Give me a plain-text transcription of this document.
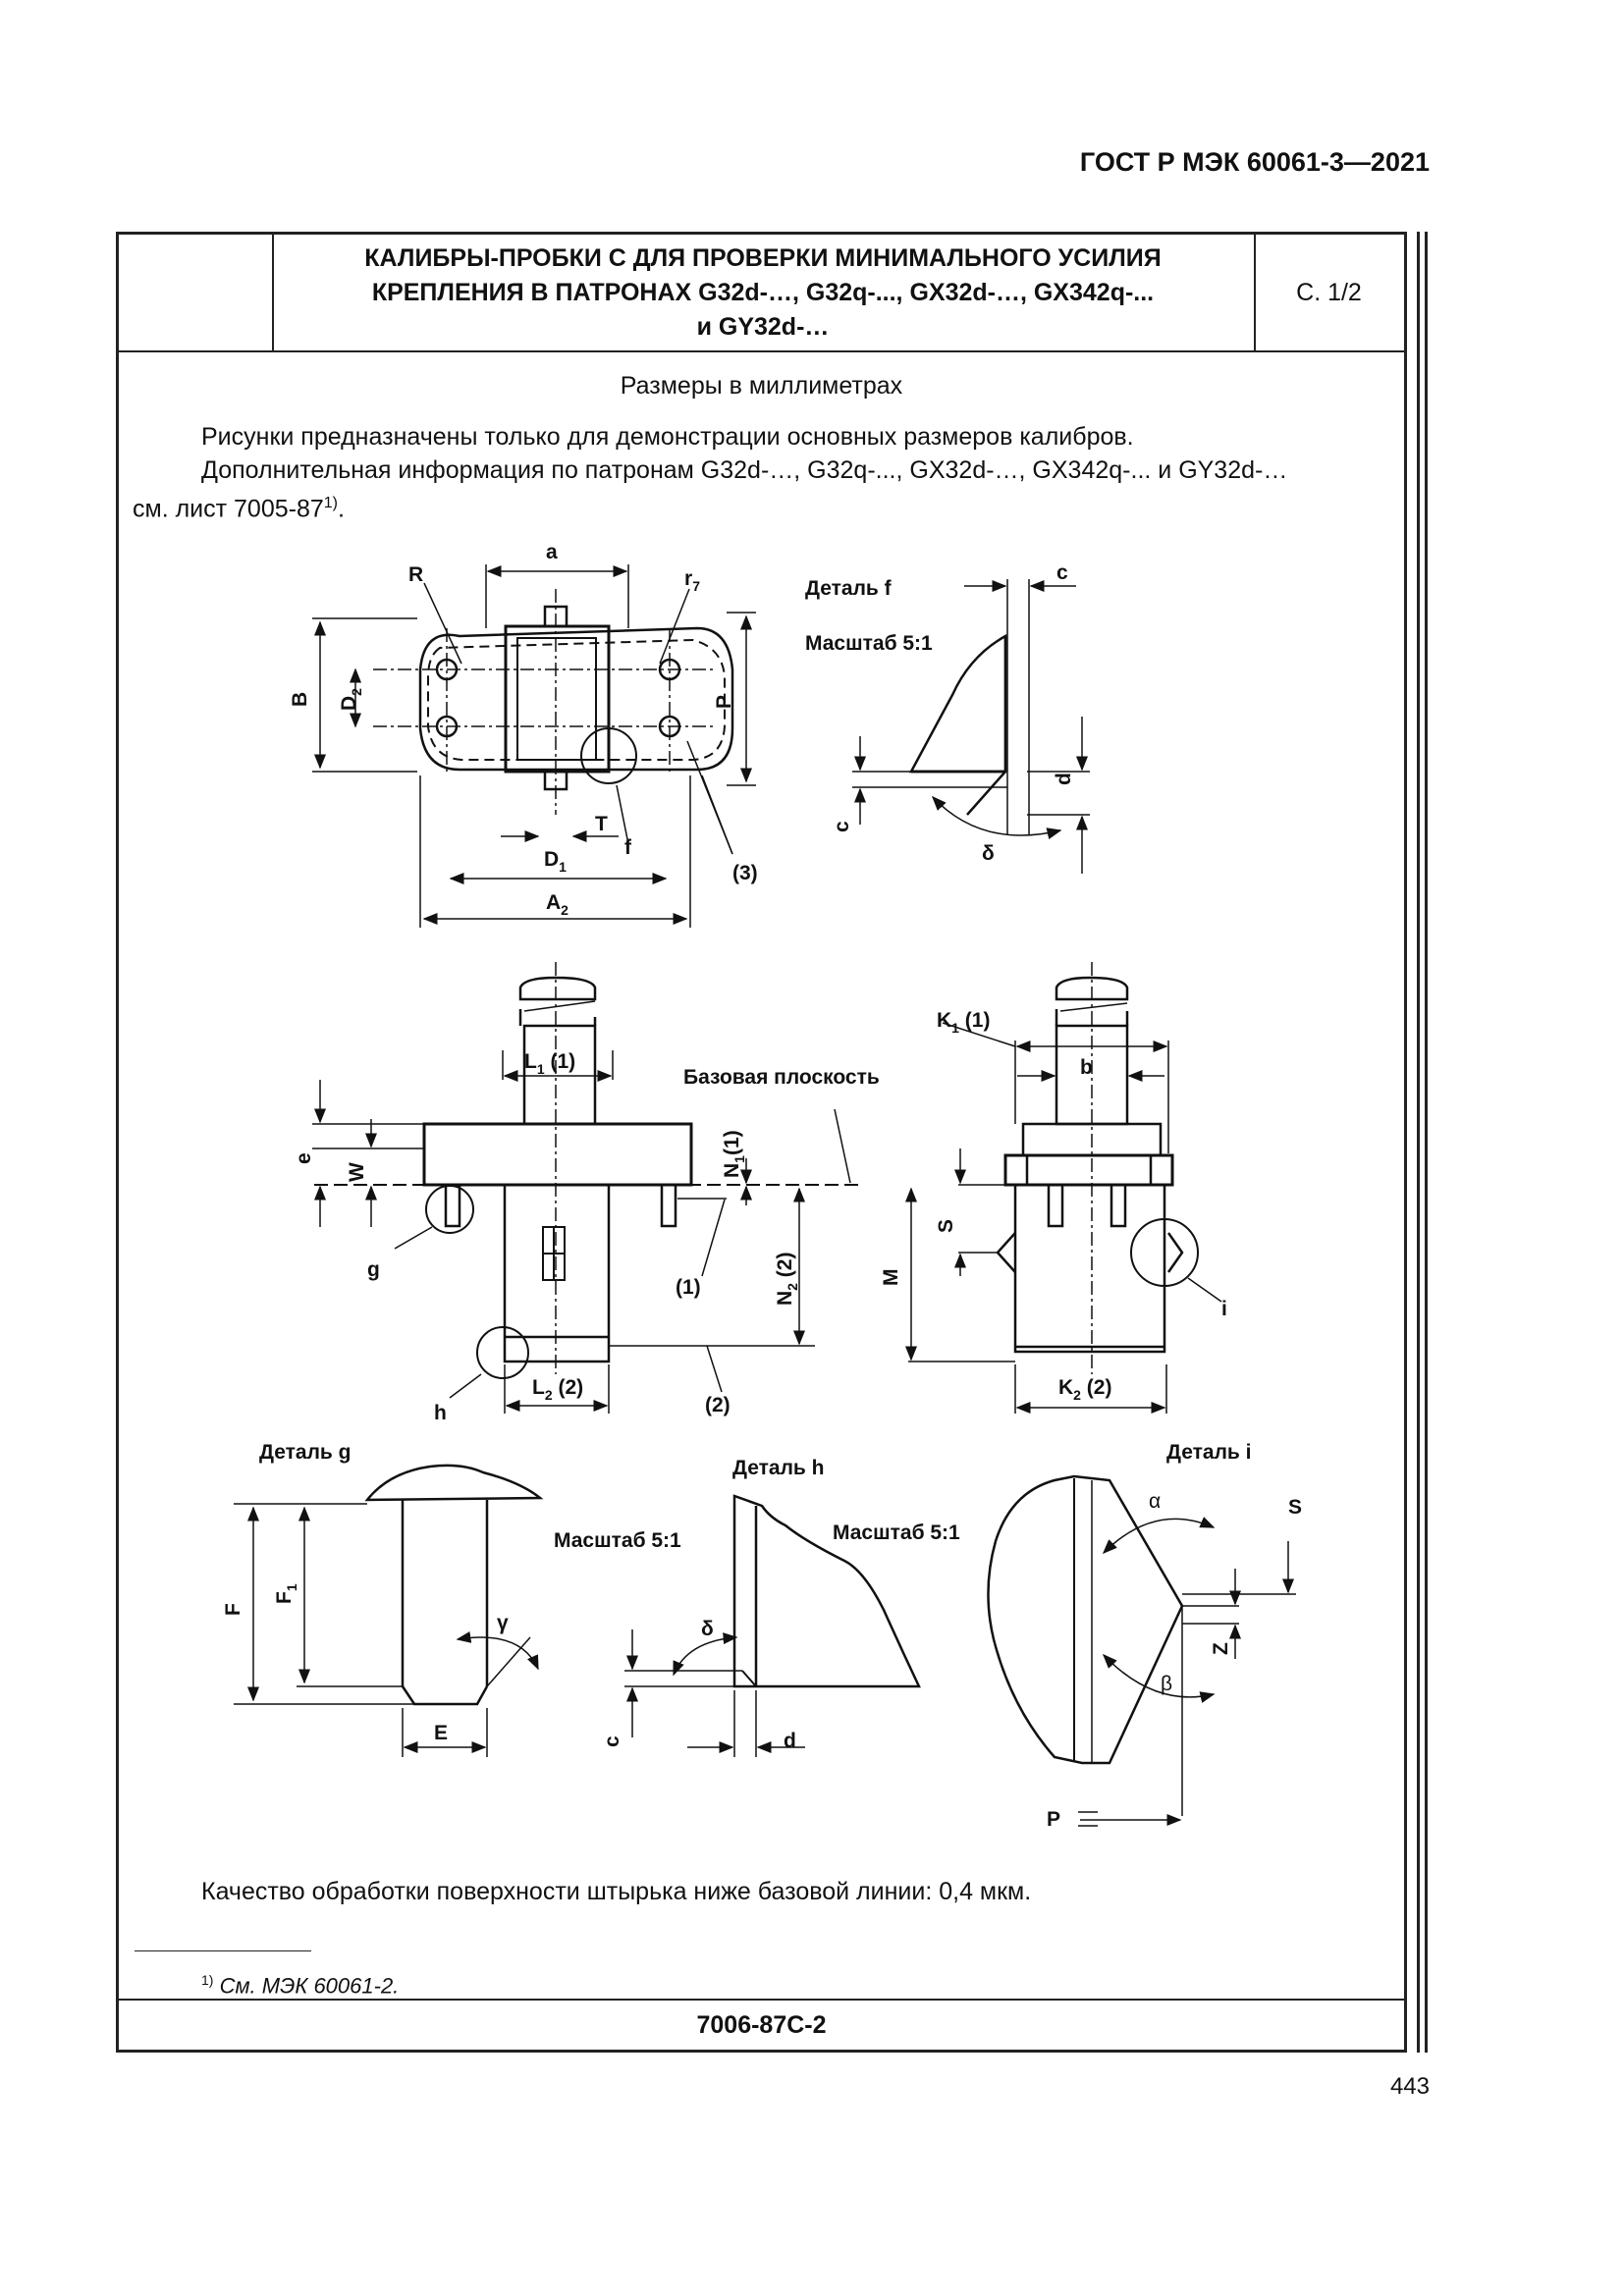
ГОСТ Р МЭК 60061-3—2021
КАЛИБРЫ-ПРОБКИ С ДЛЯ ПРОВЕРКИ МИНИМАЛЬНОГО УСИЛИЯ
КРЕПЛЕНИЯ В ПАТРОНАХ G32d-…, G32q-..., GX32d-…, GX342q-...
и GY32d-…
С. 1/2
Размеры в миллиметрах
Рисунки предназначены только для демонстрации основных размеров калибров.
Дополнительная информация по патронам G32d-…, G32q-..., GX32d-…, GX342q-... и GY32d-…
см. лист 7005-87$^{1)}$.
Качество обработки поверхности штырька ниже базовой линии: 0,4 мкм.
$^{1)}$ См. МЭК 60061-2.
7006-87C-2
443
a
R	$r_7$
B $D_2$
P
T
f
$D_1$
$A_2$
(3)
Деталь f
Масштаб 5:1
c
c
d
δ
$L_1$ (1)
Базовая плоскость
e
W	$N_1(1)$
$N_2$ (2)
g
(1)
h
$L_2$ (2)
(2)
$K_1$ (1)
b
S
M
i
$K_2$ (2)
Деталь g
F
$F_1$
γ
E
Деталь h
Масштаб 5:1	Масштаб 5:1
δ
c	d
Деталь i
α
β
S
Z
P
